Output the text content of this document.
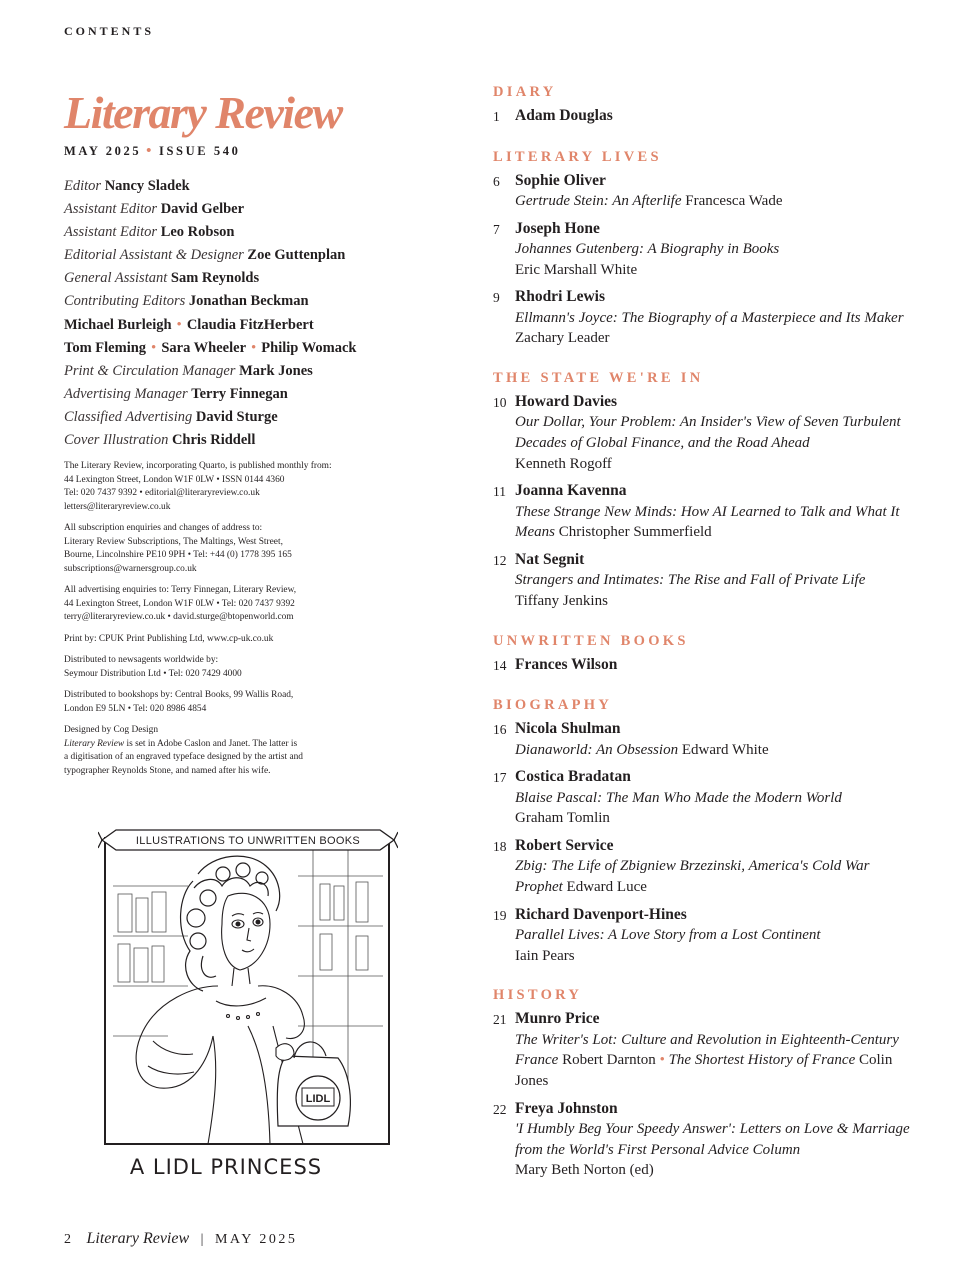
CONTENTS
Literary Review
MAY 2025 • ISSUE 540
Editor Nancy Sladek
Assistant Editor David Gelber
Assistant Editor Leo Robson
Editorial Assistant & Designer Zoe Guttenplan
General Assistant Sam Reynolds
Contributing Editors Jonathan Beckman
Michael Burleigh • Claudia FitzHerbert
Tom Fleming • Sara Wheeler • Philip Womack
Print & Circulation Manager Mark Jones
Advertising Manager Terry Finnegan
Classified Advertising David Sturge
Cover Illustration Chris Riddell

The Literary Review, incorporating Quarto, is published monthly from:
44 Lexington Street, London W1F 0LW • ISSN 0144 4360
Tel: 020 7437 9392 • editorial@literaryreview.co.uk
letters@literaryreview.co.uk

All subscription enquiries and changes of address to:
Literary Review Subscriptions, The Maltings, West Street,
Bourne, Lincolnshire PE10 9PH • Tel: +44 (0) 1778 395 165
subscriptions@warnersgroup.co.uk

All advertising enquiries to: Terry Finnegan, Literary Review,
44 Lexington Street, London W1F 0LW • Tel: 020 7437 9392
terry@literaryreview.co.uk • david.sturge@btopenworld.com

Print by: CPUK Print Publishing Ltd, www.cp-uk.co.uk

Distributed to newsagents worldwide by:
Seymour Distribution Ltd • Tel: 020 7429 4000

Distributed to bookshops by: Central Books, 99 Wallis Road,
London E9 5LN • Tel: 020 8986 4854

Designed by Cog Design
Literary Review is set in Adobe Caslon and Janet. The latter is
a digitisation of an engraved typeface designed by the artist and
typographer Reynolds Stone, and named after his wife.

LIDL
ILLUSTRATIONS TO UNWRITTEN BOOKS
A LIDL PRINCESS
DIARY
1 Adam Douglas
LITERARY LIVES
6 Sophie Oliver
Gertrude Stein: An Afterlife Francesca Wade
7 Joseph Hone
Johannes Gutenberg: A Biography in Books
Eric Marshall White
9 Rhodri Lewis
Ellmann's Joyce: The Biography of a Masterpiece and Its Maker Zachary Leader
THE STATE WE'RE IN
10 Howard Davies
Our Dollar, Your Problem: An Insider's View of Seven Turbulent Decades of Global Finance, and the Road Ahead
Kenneth Rogoff
11 Joanna Kavenna
These Strange New Minds: How AI Learned to Talk and What It Means Christopher Summerfield
12 Nat Segnit
Strangers and Intimates: The Rise and Fall of Private Life
Tiffany Jenkins
UNWRITTEN BOOKS
14 Frances Wilson
BIOGRAPHY
16 Nicola Shulman
Dianaworld: An Obsession Edward White
17 Costica Bradatan
Blaise Pascal: The Man Who Made the Modern World
Graham Tomlin
18 Robert Service
Zbig: The Life of Zbigniew Brzezinski, America's Cold War Prophet Edward Luce
19 Richard Davenport-Hines
Parallel Lives: A Love Story from a Lost Continent
Iain Pears
HISTORY
21 Munro Price
The Writer's Lot: Culture and Revolution in Eighteenth-Century France Robert Darnton • The Shortest History of France Colin Jones
22 Freya Johnston
'I Humbly Beg Your Speedy Answer': Letters on Love & Marriage from the World's First Personal Advice Column
Mary Beth Norton (ed)
2 Literary Review | MAY 2025
